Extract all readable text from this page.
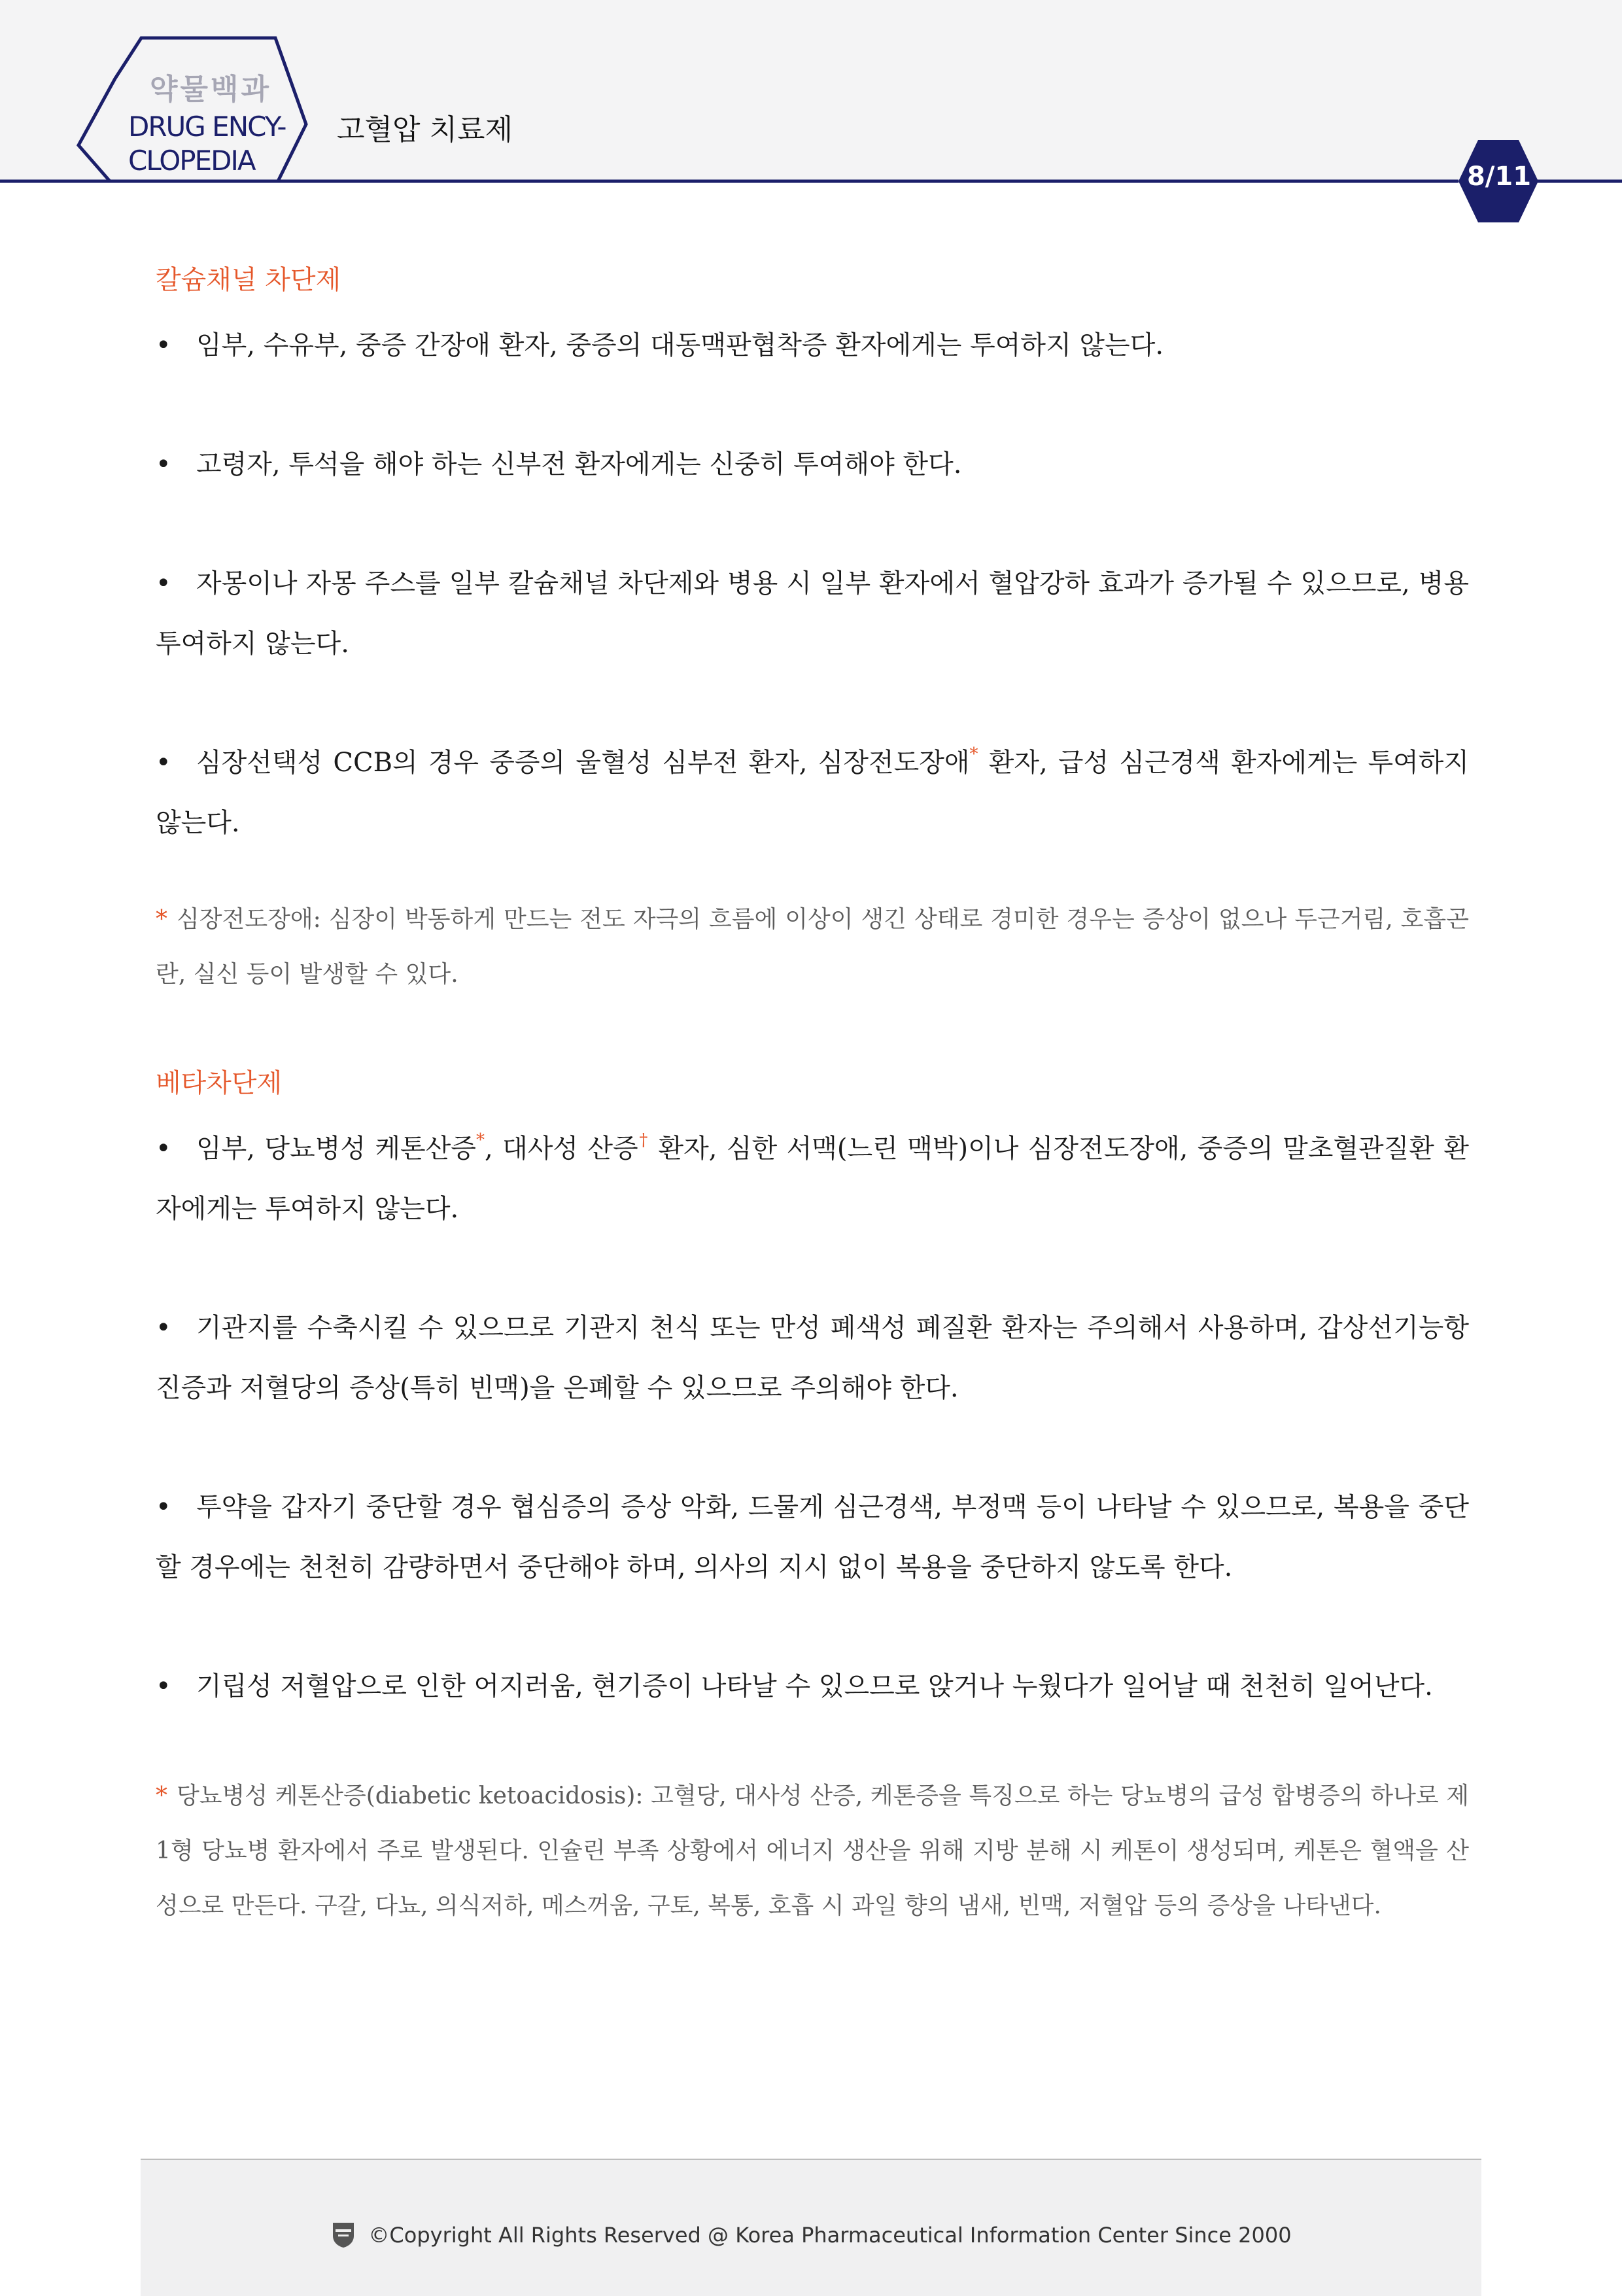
약물백과
DRUG ENCY-
CLOPEDIA
고혈압 치료제
8/11
칼슘채널 차단제

• 임부, 수유부, 중증 간장애 환자, 중증의 대동맥판협착증 환자에게는 투여하지 않는다.

• 고령자, 투석을 해야 하는 신부전 환자에게는 신중히 투여해야 한다.

• 자몽이나 자몽 주스를 일부 칼슘채널 차단제와 병용 시 일부 환자에서 혈압강하 효과가 증가될 수 있으므로, 병용 투여하지 않는다.

• 심장선택성 CCB의 경우 중증의 울혈성 심부전 환자, 심장전도장애* 환자, 급성 심근경색 환자에게는 투여하지 않는다.

* 심장전도장애: 심장이 박동하게 만드는 전도 자극의 흐름에 이상이 생긴 상태로 경미한 경우는 증상이 없으나 두근거림, 호흡곤란, 실신 등이 발생할 수 있다.

베타차단제

• 임부, 당뇨병성 케톤산증*, 대사성 산증† 환자, 심한 서맥(느린 맥박)이나 심장전도장애, 중증의 말초혈관질환 환자에게는 투여하지 않는다.

• 기관지를 수축시킬 수 있으므로 기관지 천식 또는 만성 폐색성 폐질환 환자는 주의해서 사용하며, 갑상선기능항진증과 저혈당의 증상(특히 빈맥)을 은폐할 수 있으므로 주의해야 한다.

• 투약을 갑자기 중단할 경우 협심증의 증상 악화, 드물게 심근경색, 부정맥 등이 나타날 수 있으므로, 복용을 중단할 경우에는 천천히 감량하면서 중단해야 하며, 의사의 지시 없이 복용을 중단하지 않도록 한다.

• 기립성 저혈압으로 인한 어지러움, 현기증이 나타날 수 있으므로 앉거나 누웠다가 일어날 때 천천히 일어난다.

* 당뇨병성 케톤산증(diabetic ketoacidosis): 고혈당, 대사성 산증, 케톤증을 특징으로 하는 당뇨병의 급성 합병증의 하나로 제 1형 당뇨병 환자에서 주로 발생된다. 인슐린 부족 상황에서 에너지 생산을 위해 지방 분해 시 케톤이 생성되며, 케톤은 혈액을 산성으로 만든다. 구갈, 다뇨, 의식저하, 메스꺼움, 구토, 복통, 호흡 시 과일 향의 냄새, 빈맥, 저혈압 등의 증상을 나타낸다.

©Copyright All Rights Reserved @ Korea Pharmaceutical Information Center Since 2000
